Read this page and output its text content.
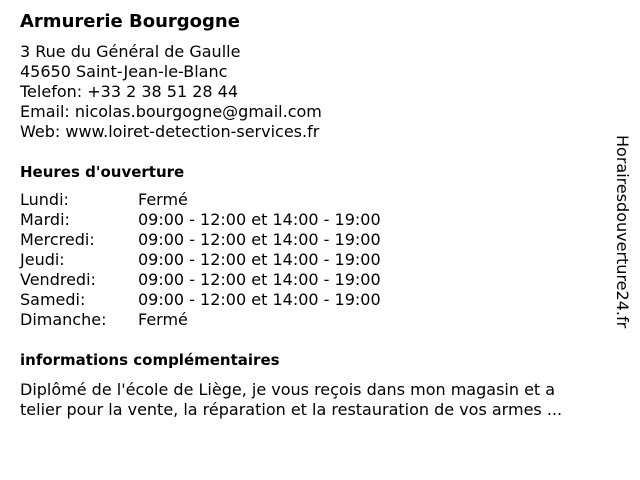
Armurerie Bourgogne
3 Rue du Général de Gaulle
45650 Saint-Jean-le-Blanc
Telefon: +33 2 38 51 28 44
Email: nicolas.bourgogne@gmail.com
Web: www.loiret-detection-services.fr
Heures d'ouverture
Lundi:	Fermé
Mardi:	09:00 - 12:00 et 14:00 - 19:00
Mercredi:	09:00 - 12:00 et 14:00 - 19:00
Jeudi:	09:00 - 12:00 et 14:00 - 19:00
Vendredi:	09:00 - 12:00 et 14:00 - 19:00
Samedi:	09:00 - 12:00 et 14:00 - 19:00
Dimanche:	Fermé
informations complémentaires
Diplômé de l'école de Liège, je vous reçois dans mon magasin et a
telier pour la vente, la réparation et la restauration de vos armes ...
Horairesdouverture24.fr
